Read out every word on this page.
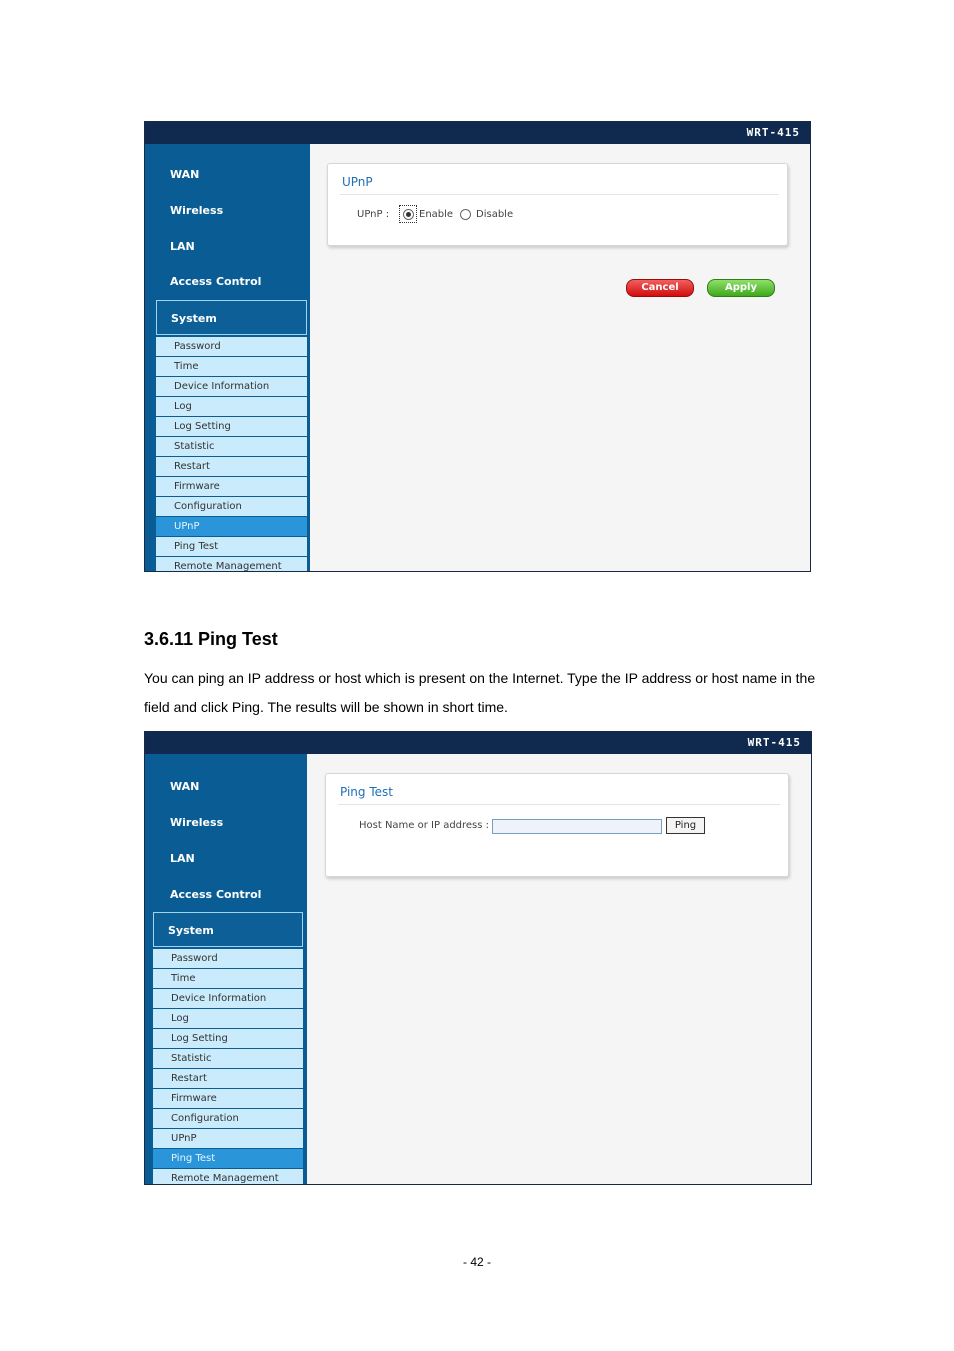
WRT-415
WAN
Wireless
LAN
Access Control
System
Password
Time
Device Information
Log
Log Setting
Statistic
Restart
Firmware
Configuration
UPnP
Ping Test
Remote Management
UPnP
UPnP :	Enable Disable
Cancel	Apply
3.6.11 Ping Test
You can ping an IP address or host which is present on the Internet. Type the IP address or host name in the field and click Ping. The results will be shown in short time.
WRT-415
WAN
Wireless
LAN
Access Control
System
Password
Time
Device Information
Log
Log Setting
Statistic
Restart
Firmware
Configuration
UPnP
Ping Test
Remote Management
Ping Test
Host Name or IP address :	Ping
- 42 -
